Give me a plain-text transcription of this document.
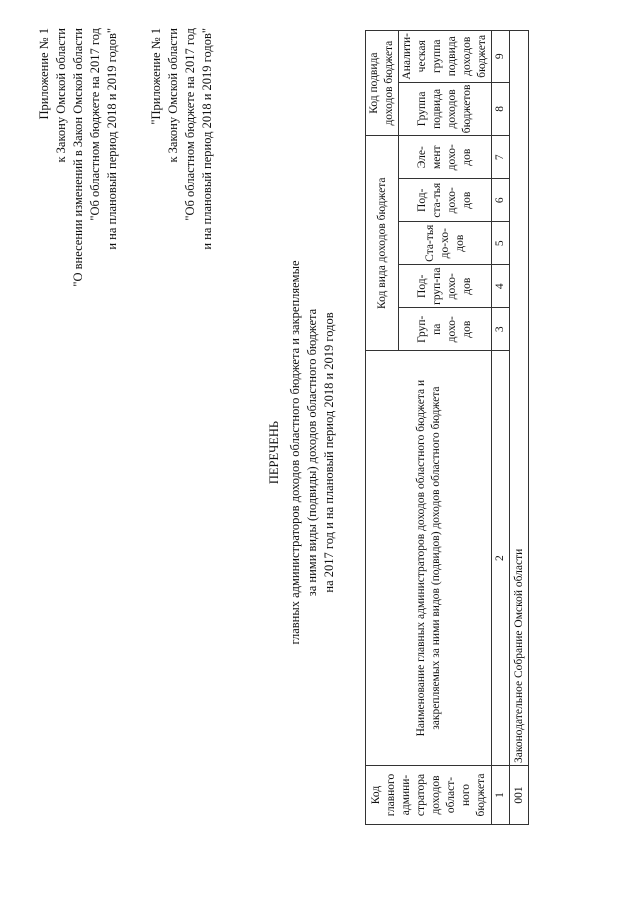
Приложение № 1 к Закону Омской области "О внесении изменений в Закон Омской области "Об областном бюджете на 2017 год и на плановый период 2018 и 2019 годов" "Приложение № 1 к Закону Омской области "Об областном бюджете на 2017 год и на плановый период 2018 и 2019 годов"
ПЕРЕЧЕНЬ главных администраторов доходов областного бюджета и закрепляемые за ними виды (подвиды) доходов областного бюджета на 2017 год и на плановый период 2018 и 2019 годов
Код главного админи-стратора доходов област-ного бюджета	Наименование главных администраторов доходов областного бюджета и закрепляемых за ними видов (подвидов) доходов областного бюджета	Код вида доходов бюджета					Код подвида доходов бюджета	
		Груп-па дохо-дов	Под-груп-па дохо-дов	Ста-тья до-хо-дов	Под-ста-тья дохо-дов	Эле-мент дохо-дов	Группа подвида доходов бюджетов	Аналити-ческая группа подвида доходов бюджета
1	2	3	4	5	6	7	8	9
001	Законодательное Собрание Омской области							
